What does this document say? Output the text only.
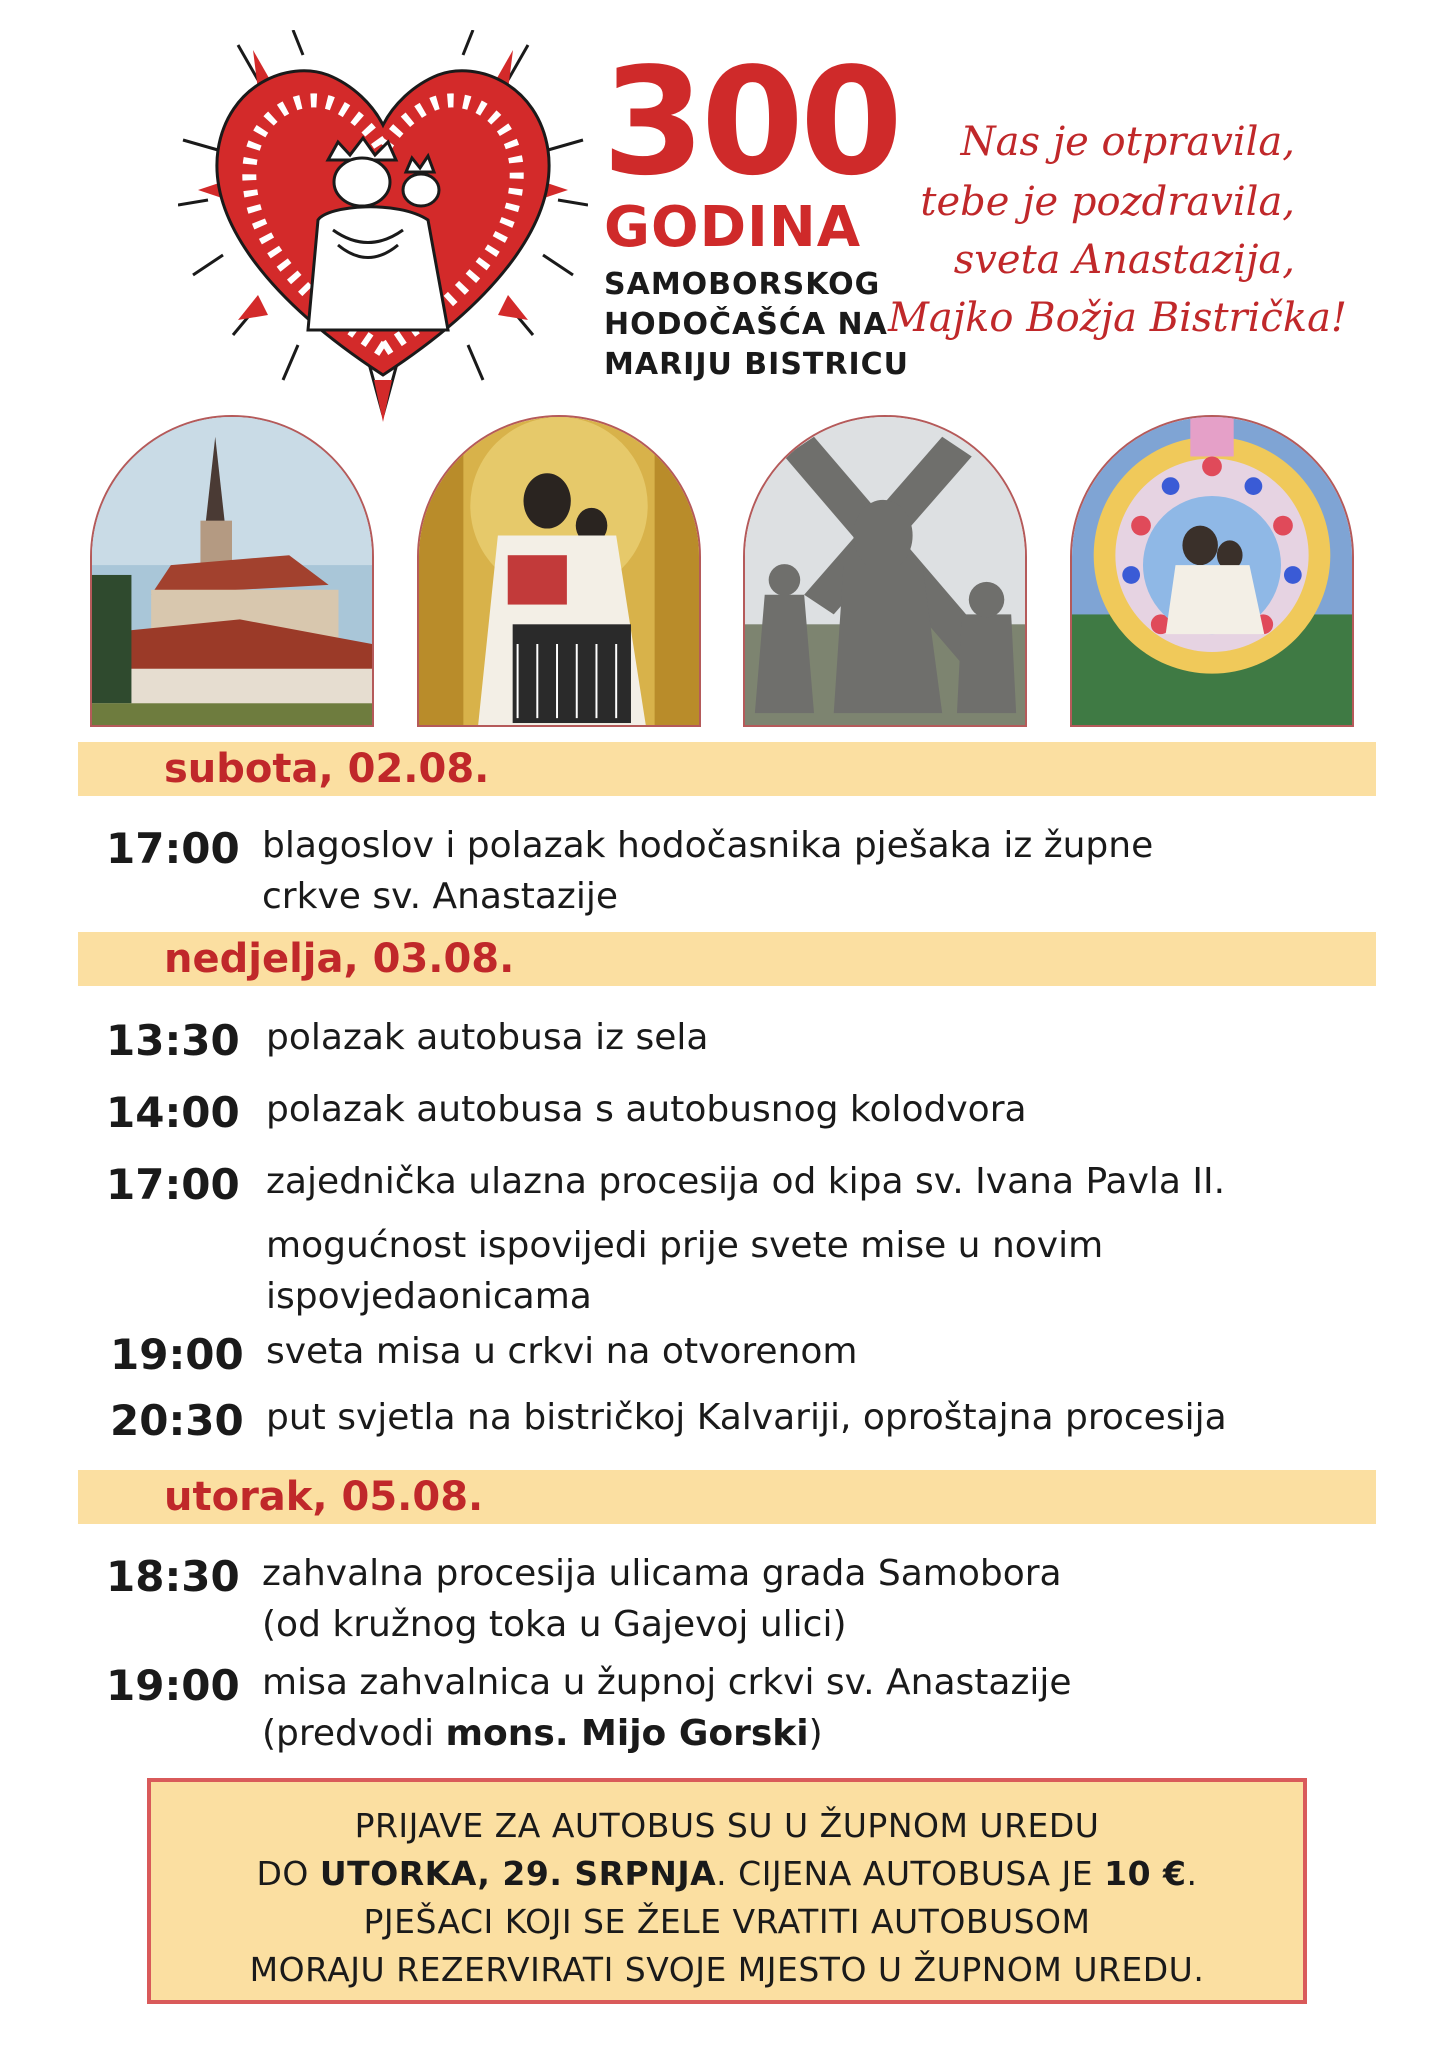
300
GODINA
SAMOBORSKOG
HODOČAŠĆA NA
MARIJU BISTRICU
Nas je otpravila,
tebe je pozdravila,
sveta Anastazija,
Majko Božja Bistrička!
subota, 02.08.
17:00 blagoslov i polazak hodočasnika pješaka iz župne
crkve sv. Anastazije
nedjelja, 03.08.
13:30 polazak autobusa iz sela
14:00 polazak autobusa s autobusnog kolodvora
17:00 zajednička ulazna procesija od kipa sv. Ivana Pavla II.
mogućnost ispovijedi prije svete mise u novim
ispovjedaonicama
19:00 sveta misa u crkvi na otvorenom
20:30 put svjetla na bistričkoj Kalvariji, oproštajna procesija
utorak, 05.08.
18:30 zahvalna procesija ulicama grada Samobora
(od kružnog toka u Gajevoj ulici)
19:00 misa zahvalnica u župnoj crkvi sv. Anastazije
(predvodi mons. Mijo Gorski)
PRIJAVE ZA AUTOBUS SU U ŽUPNOM UREDU
DO UTORKA, 29. SRPNJA. CIJENA AUTOBUSA JE 10 €.
PJEŠACI KOJI SE ŽELE VRATITI AUTOBUSOM
MORAJU REZERVIRATI SVOJE MJESTO U ŽUPNOM UREDU.
